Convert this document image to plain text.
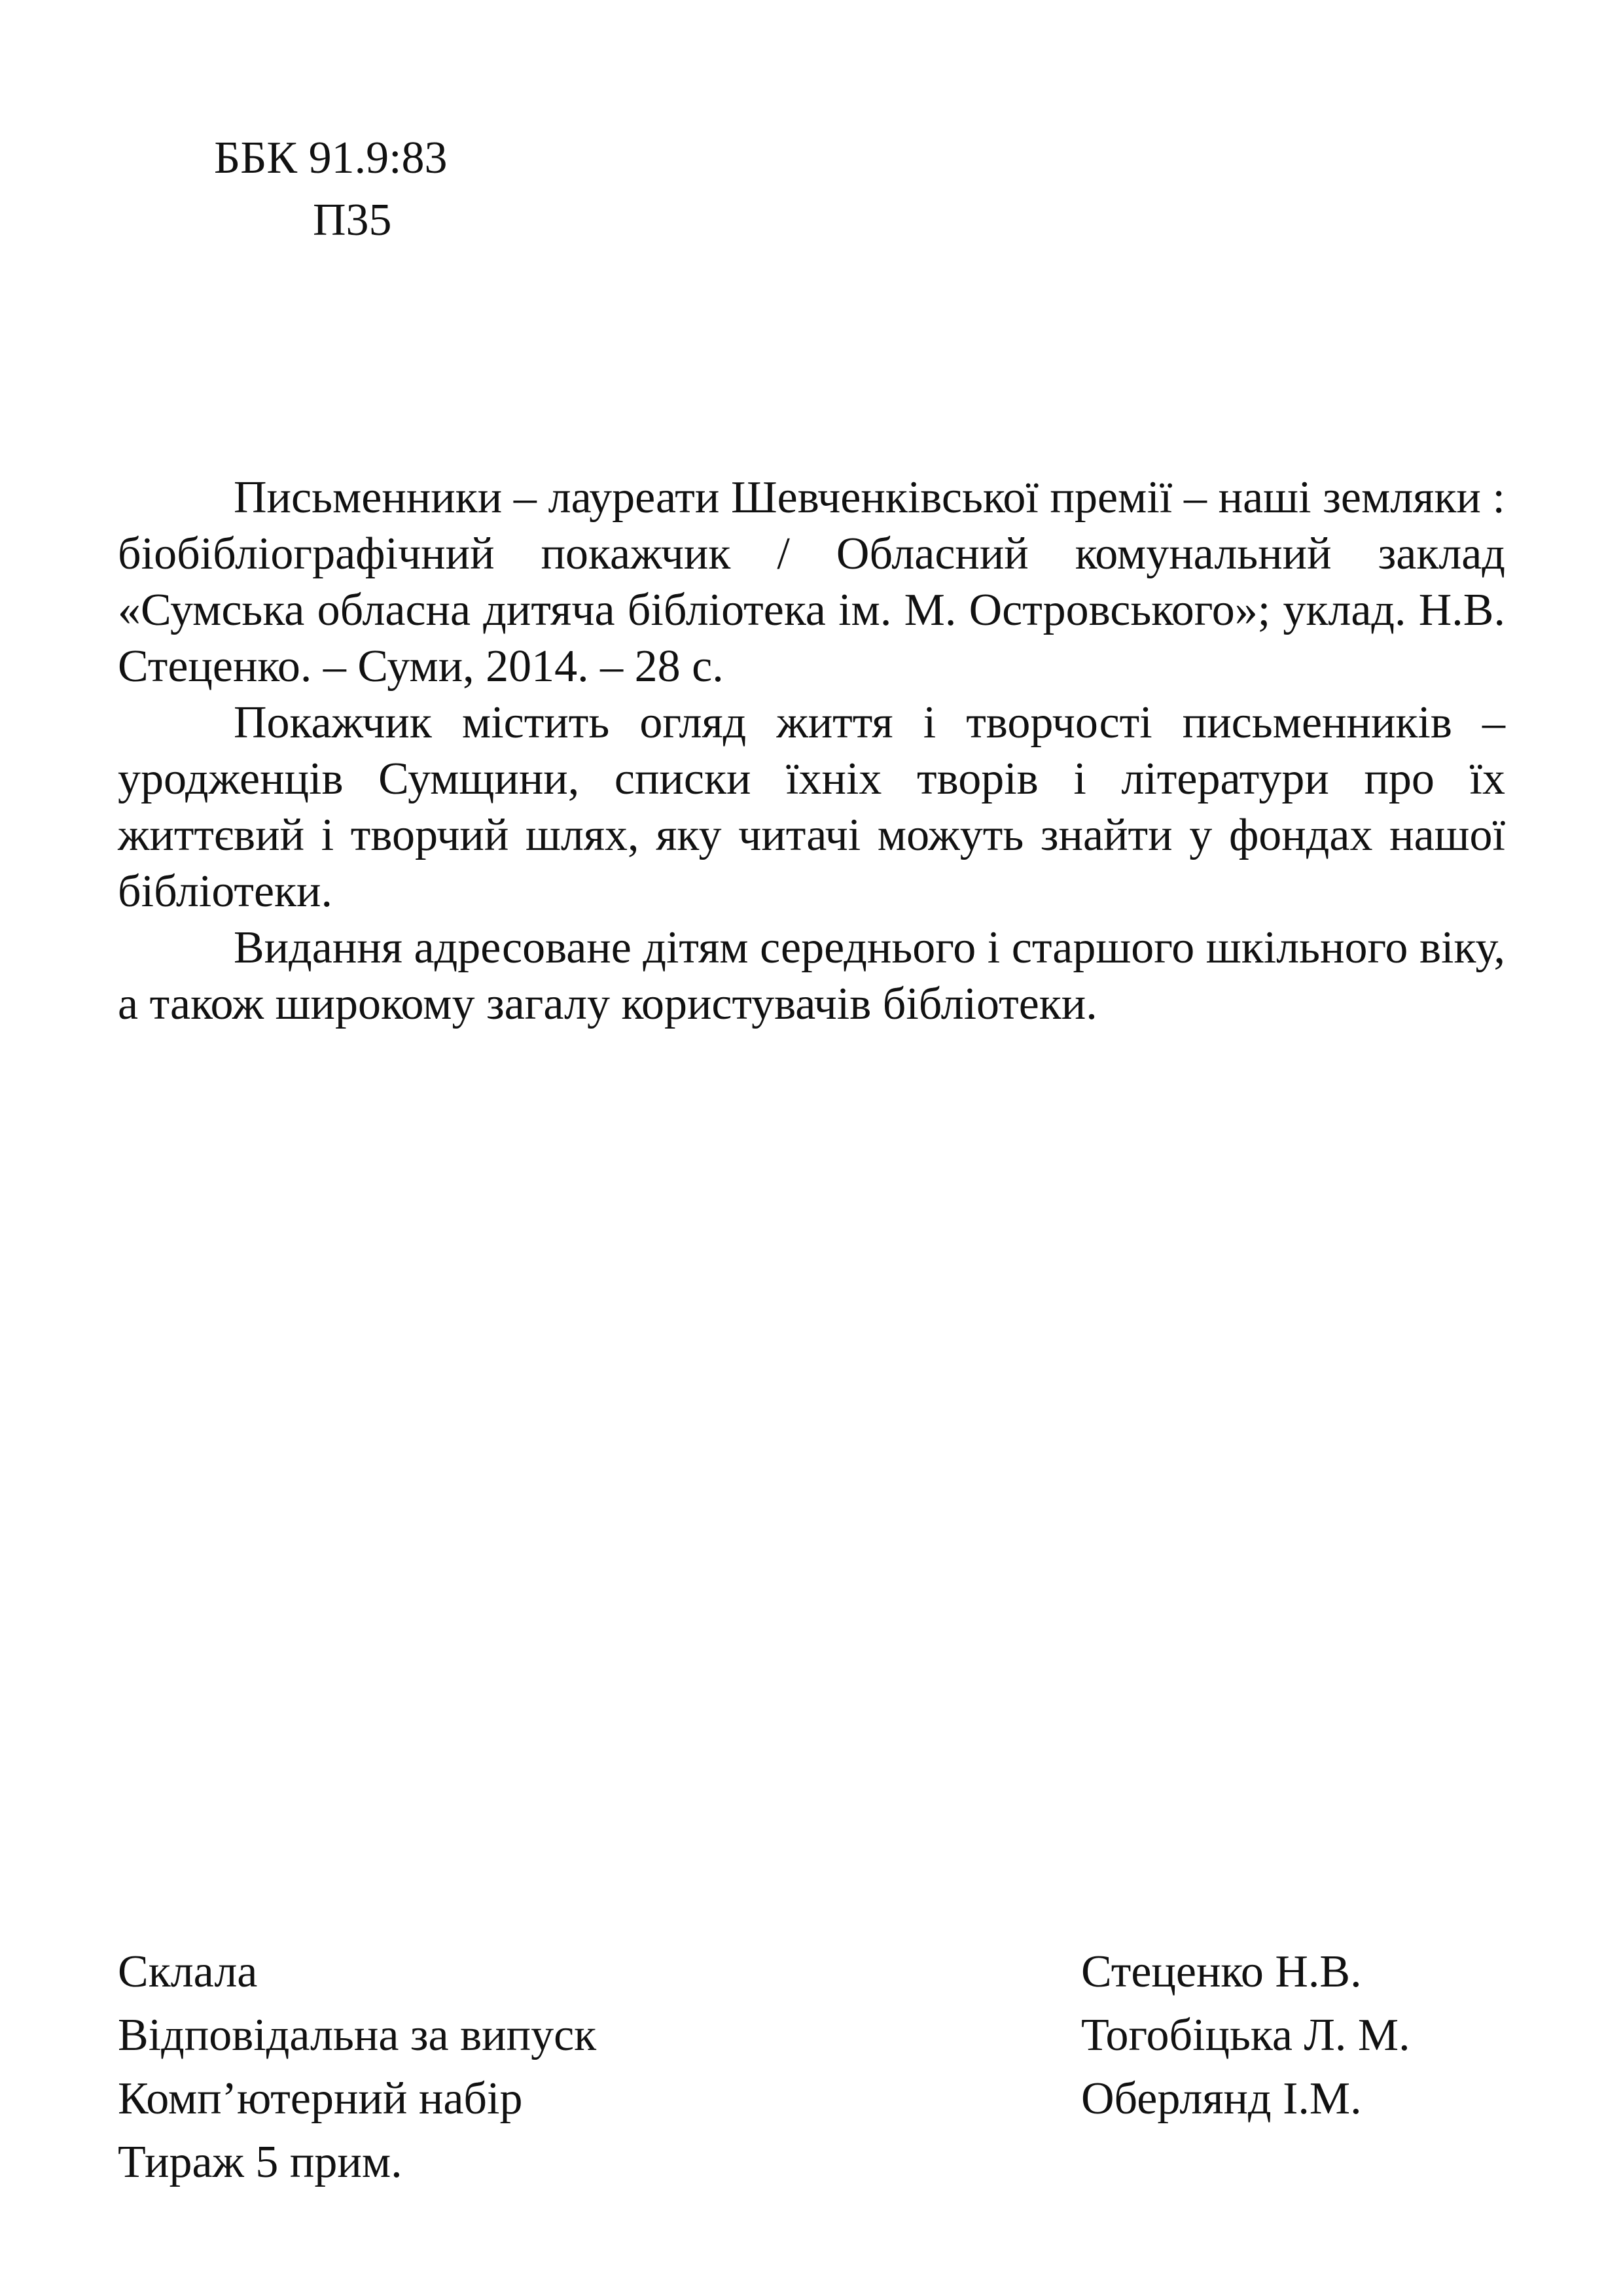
ББК 91.9:83
П35

Письменники – лауреати Шевченківської премії – наші земляки : біобібліографічний покажчик / Обласний комунальний заклад «Сумська обласна дитяча бібліотека ім. М. Островського»; уклад. Н.В. Стеценко. – Суми, 2014. – 28 с.

Покажчик містить огляд життя і творчості письменників – уродженців Сумщини, списки їхніх творів і літератури про їх життєвий і творчий шлях, яку читачі можуть знайти у фондах нашої бібліотеки.

Видання адресоване дітям середнього і старшого шкільного віку, а також широкому загалу користувачів бібліотеки.

Склала	Стеценко Н.В.
Відповідальна за випуск	Тогобіцька Л. М.
Комп’ютерний набір	Оберлянд І.М.
Тираж 5 прим.
